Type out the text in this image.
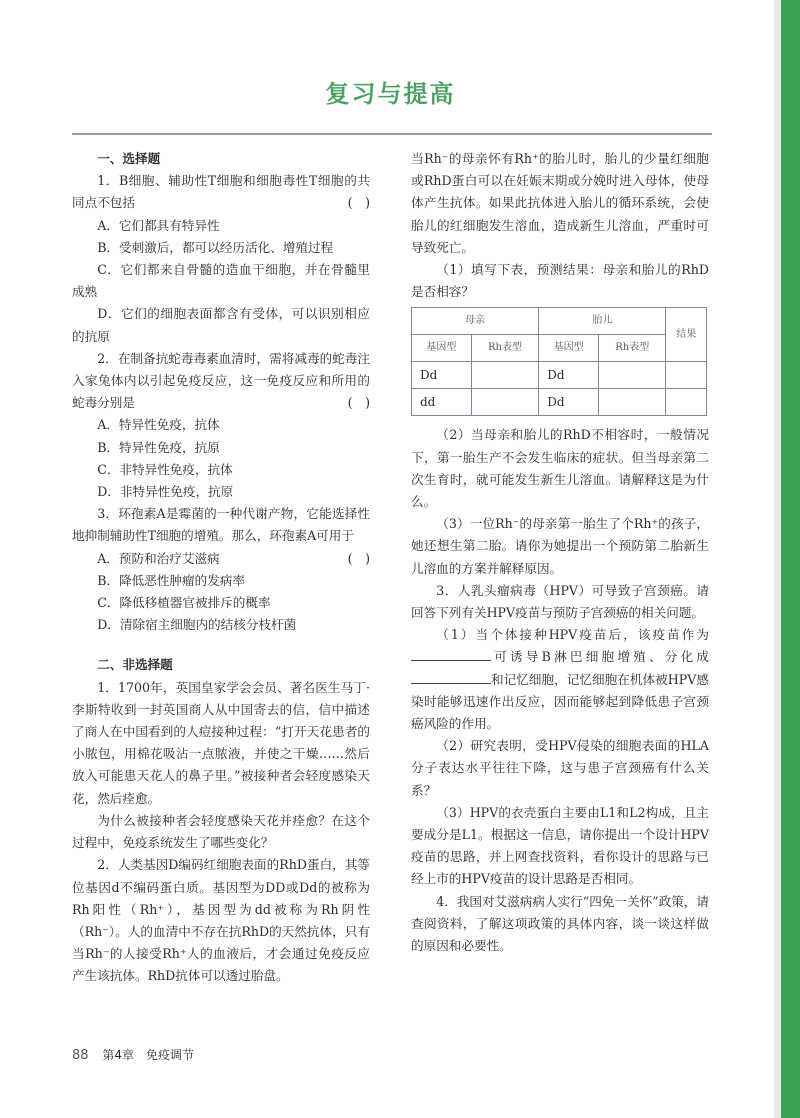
复习与提高

一、选择题

1．B细胞、辅助性T细胞和细胞毒性T细胞的共同点不包括	(　)

A．它们都具有特异性

B．受刺激后，都可以经历活化、增殖过程

C．它们都来自骨髓的造血干细胞，并在骨髓里成熟

D．它们的细胞表面都含有受体，可以识别相应的抗原

2．在制备抗蛇毒毒素血清时，需将减毒的蛇毒注入家兔体内以引起免疫反应，这一免疫反应和所用的蛇毒分别是	(　)

A．特异性免疫，抗体

B．特异性免疫，抗原

C．非特异性免疫，抗体

D．非特异性免疫，抗原

3．环孢素A是霉菌的一种代谢产物，它能选择性地抑制辅助性T细胞的增殖。那么，环孢素A可用于
(　)

A．预防和治疗艾滋病

B．降低恶性肿瘤的发病率

C．降低移植器官被排斥的概率

D．清除宿主细胞内的结核分枝杆菌

二、非选择题

1．1700年，英国皇家学会会员、著名医生马丁·李斯特收到一封英国商人从中国寄去的信，信中描述了商人在中国看到的人痘接种过程：“打开天花患者的小脓包，用棉花吸沾一点脓液，并使之干燥……然后放入可能患天花人的鼻子里。”被接种者会轻度感染天花，然后痊愈。

为什么被接种者会轻度感染天花并痊愈？在这个过程中，免疫系统发生了哪些变化？

2．人类基因D编码红细胞表面的RhD蛋白，其等位基因d不编码蛋白质。基因型为DD或Dd的被称为Rh阳性（Rh⁺），基因型为dd被称为Rh阴性（Rh⁻）。人的血清中不存在抗RhD的天然抗体，只有当Rh⁻的人接受Rh⁺人的血液后，才会通过免疫反应产生该抗体。RhD抗体可以透过胎盘。

当Rh⁻的母亲怀有Rh⁺的胎儿时，胎儿的少量红细胞或RhD蛋白可以在妊娠末期或分娩时进入母体，使母体产生抗体。如果此抗体进入胎儿的循环系统，会使胎儿的红细胞发生溶血，造成新生儿溶血，严重时可导致死亡。

（1）填写下表，预测结果：母亲和胎儿的RhD是否相容？

母亲		胎儿		结果
基因型	Rh表型	基因型	Rh表型	
Dd		Dd		
dd		Dd		

（2）当母亲和胎儿的RhD不相容时，一般情况下，第一胎生产不会发生临床的症状。但当母亲第二次生育时，就可能发生新生儿溶血。请解释这是为什么。

（3）一位Rh⁻的母亲第一胎生了个Rh⁺的孩子，她还想生第二胎。请你为她提出一个预防第二胎新生儿溶血的方案并解释原因。

3．人乳头瘤病毒（HPV）可导致子宫颈癌。请回答下列有关HPV疫苗与预防子宫颈癌的相关问题。

（1）当个体接种HPV疫苗后，该疫苗作为可诱导B淋巴细胞增殖、分化成和记忆细胞，记忆细胞在机体被HPV感染时能够迅速作出反应，因而能够起到降低患子宫颈癌风险的作用。

（2）研究表明，受HPV侵染的细胞表面的HLA分子表达水平往往下降，这与患子宫颈癌有什么关系？

（3）HPV的衣壳蛋白主要由L1和L2构成，且主要成分是L1。根据这一信息，请你提出一个设计HPV疫苗的思路，并上网查找资料，看你设计的思路与已经上市的HPV疫苗的设计思路是否相同。

4．我国对艾滋病病人实行“四免一关怀”政策，请查阅资料，了解这项政策的具体内容，谈一谈这样做的原因和必要性。

88 第4章　免疫调节
